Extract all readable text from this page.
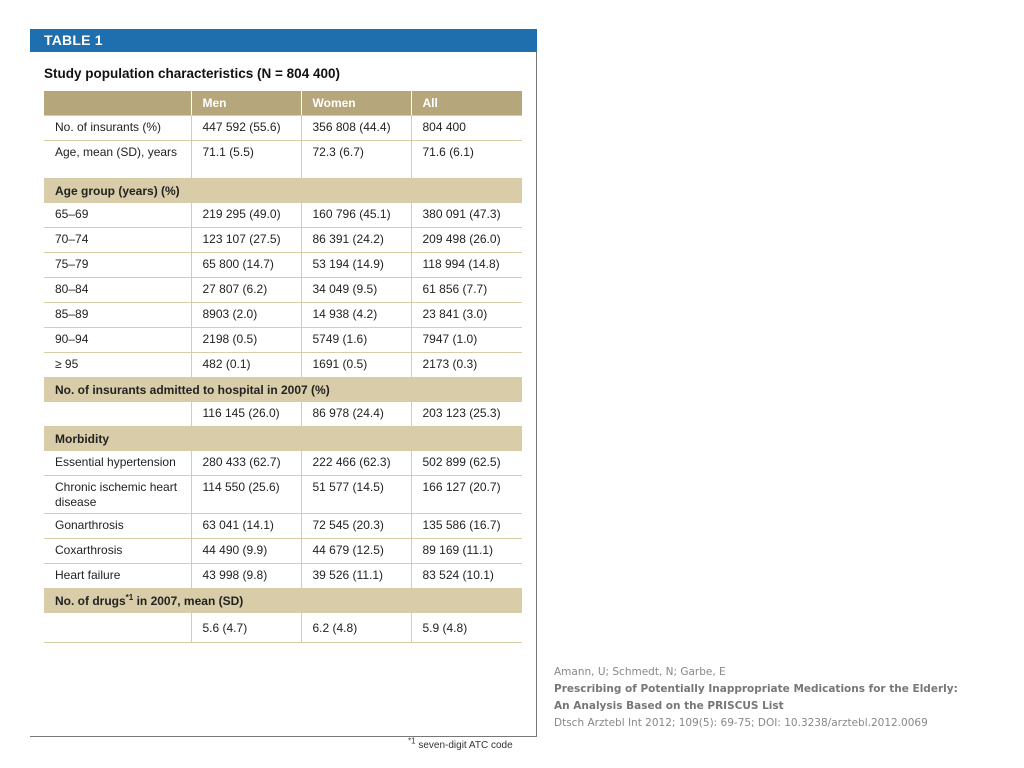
TABLE 1
Study population characteristics (N = 804 400)
	Men	Women	All
No. of insurants (%)	447 592 (55.6)	356 808 (44.4)	804 400
Age, mean (SD), years	71.1 (5.5)	72.3 (6.7)	71.6 (6.1)
Age group (years) (%)			
65–69	219 295 (49.0)	160 796 (45.1)	380 091 (47.3)
70–74	123 107 (27.5)	86 391 (24.2)	209 498 (26.0)
75–79	65 800 (14.7)	53 194 (14.9)	118 994 (14.8)
80–84	27 807 (6.2)	34 049 (9.5)	61 856 (7.7)
85–89	8903 (2.0)	14 938 (4.2)	23 841 (3.0)
90–94	2198 (0.5)	5749 (1.6)	7947 (1.0)
≥ 95	482 (0.1)	1691 (0.5)	2173 (0.3)
No. of insurants admitted to hospital in 2007 (%)			
	116 145 (26.0)	86 978 (24.4)	203 123 (25.3)
Morbidity			
Essential hypertension	280 433 (62.7)	222 466 (62.3)	502 899 (62.5)
Chronic ischemic heart disease	114 550 (25.6)	51 577 (14.5)	166 127 (20.7)
Gonarthrosis	63 041 (14.1)	72 545 (20.3)	135 586 (16.7)
Coxarthrosis	44 490 (9.9)	44 679 (12.5)	89 169 (11.1)
Heart failure	43 998 (9.8)	39 526 (11.1)	83 524 (10.1)
No. of drugs$^{*1}$ in 2007, mean (SD)			
	5.6 (4.7)	6.2 (4.8)	5.9 (4.8)
$^{*1}$ seven-digit ATC code
Amann, U; Schmedt, N; Garbe, E
Prescribing of Potentially Inappropriate Medications for the Elderly:
An Analysis Based on the PRISCUS List
Dtsch Arztebl Int 2012; 109(5): 69-75; DOI: 10.3238/arztebl.2012.0069
